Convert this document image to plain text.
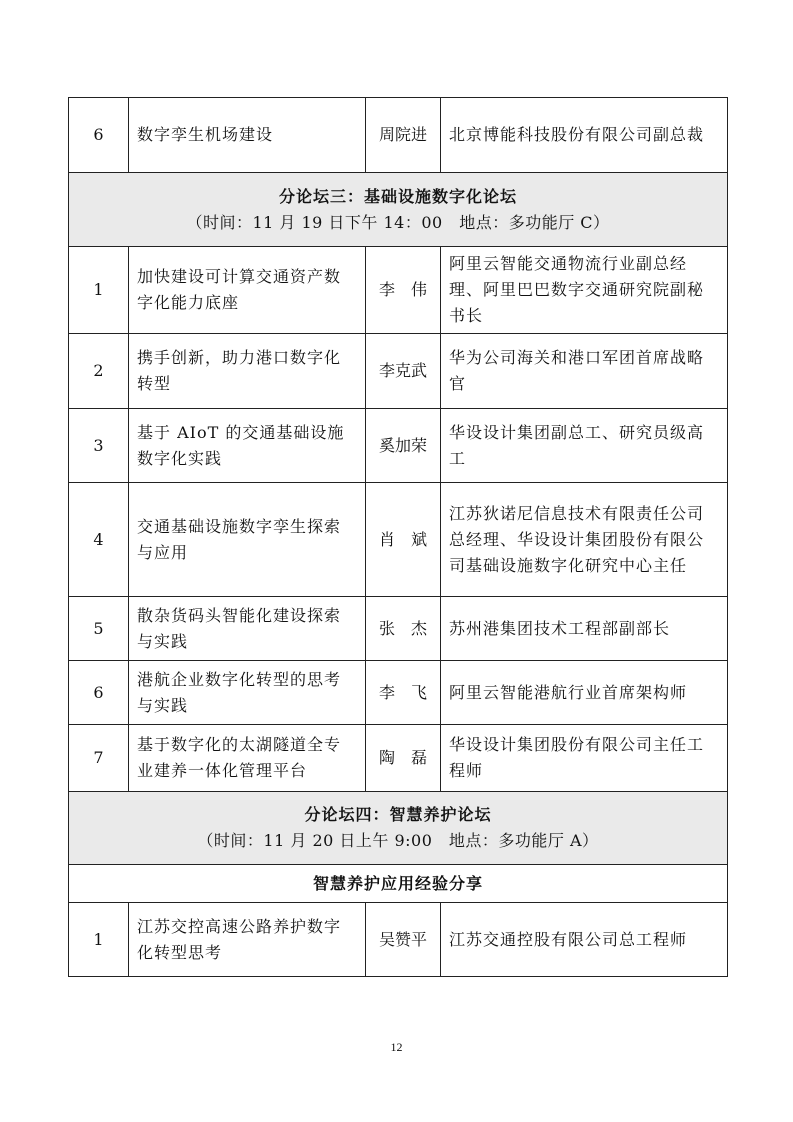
6	数字孪生机场建设	周院进	北京博能科技股份有限公司副总裁

分论坛三：基础设施数字化论坛
（时间：11 月 19 日下午 14：00　地点：多功能厅 C）			

1	加快建设可计算交通资产数字化能力底座	李　伟	阿里云智能交通物流行业副总经理、阿里巴巴数字交通研究院副秘书长
2	携手创新，助力港口数字化转型	李克武	华为公司海关和港口军团首席战略官
3	基于 AIoT 的交通基础设施数字化实践	奚加荣	华设设计集团副总工、研究员级高工
4	交通基础设施数字孪生探索与应用	肖　斌	江苏狄诺尼信息技术有限责任公司总经理、华设设计集团股份有限公司基础设施数字化研究中心主任
5	散杂货码头智能化建设探索与实践	张　杰	苏州港集团技术工程部副部长
6	港航企业数字化转型的思考与实践	李　飞	阿里云智能港航行业首席架构师
7	基于数字化的太湖隧道全专业建养一体化管理平台	陶　磊	华设设计集团股份有限公司主任工程师

分论坛四：智慧养护论坛
（时间：11 月 20 日上午 9:00　地点：多功能厅 A）			

智慧养护应用经验分享			
1	江苏交控高速公路养护数字化转型思考	吴赞平	江苏交通控股有限公司总工程师
12
